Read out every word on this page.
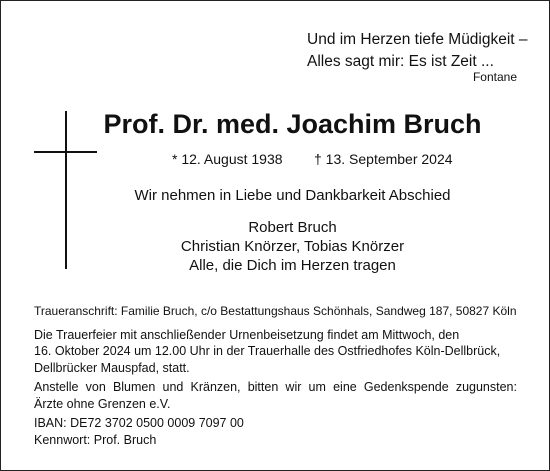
Und im Herzen tiefe Müdigkeit –
Alles sagt mir: Es ist Zeit ...
Fontane
Prof. Dr. med. Joachim Bruch
* 12. August 1938 † 13. September 2024
Wir nehmen in Liebe und Dankbarkeit Abschied
Robert Bruch
Christian Knörzer, Tobias Knörzer
Alle, die Dich im Herzen tragen

Traueranschrift: Familie Bruch, c/o Bestattungshaus Schönhals, Sandweg 187, 50827 Köln

Die Trauerfeier mit anschließender Urnenbeisetzung findet am Mittwoch, den
16. Oktober 2024 um 12.00 Uhr in der Trauerhalle des Ostfriedhofes Köln-Dellbrück,
Dellbrücker Mauspfad, statt.

Anstelle von Blumen und Kränzen, bitten wir um eine Gedenkspende zugunsten:
Ärzte ohne Grenzen e.V.

IBAN: DE72 3702 0500 0009 7097 00
Kennwort: Prof. Bruch
